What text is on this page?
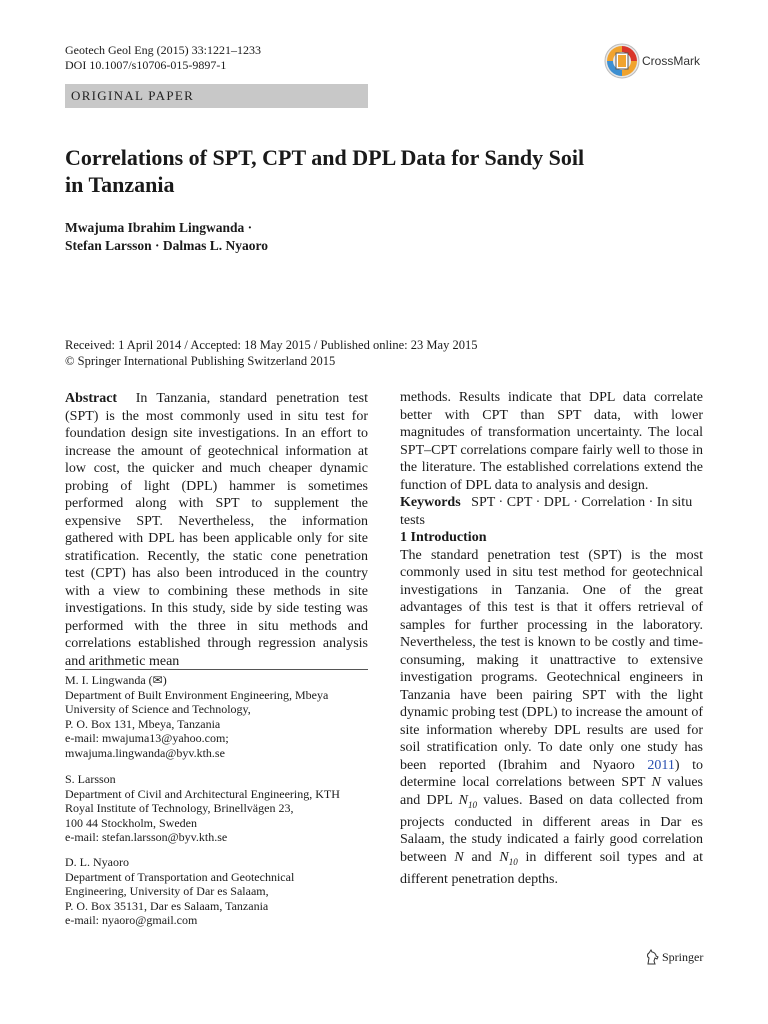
Geotech Geol Eng (2015) 33:1221–1233
DOI 10.1007/s10706-015-9897-1	CrossMark
ORIGINAL PAPER
Correlations of SPT, CPT and DPL Data for Sandy Soil
in Tanzania
Mwajuma Ibrahim Lingwanda ·
Stefan Larsson · Dalmas L. Nyaoro
Received: 1 April 2014 / Accepted: 18 May 2015 / Published online: 23 May 2015
© Springer International Publishing Switzerland 2015

Abstract In Tanzania, standard penetration test (SPT) is the most commonly used in situ test for foundation design site investigations. In an effort to increase the amount of geotechnical information at low cost, the quicker and much cheaper dynamic probing of light (DPL) hammer is sometimes performed along with SPT to supplement the expensive SPT. Nevertheless, the information gathered with DPL has been applicable only for site stratification. Recently, the static cone penetration test (CPT) has also been introduced in the country with a view to combining these methods in site investigations. In this study, side by side testing was performed with the three in situ methods and correlations established through regression analysis and arithmetic mean

M. I. Lingwanda (✉)
Department of Built Environment Engineering, Mbeya
University of Science and Technology,
P. O. Box 131, Mbeya, Tanzania
e-mail: mwajuma13@yahoo.com;
mwajuma.lingwanda@byv.kth.se
S. Larsson
Department of Civil and Architectural Engineering, KTH
Royal Institute of Technology, Brinellvägen 23,
100 44 Stockholm, Sweden
e-mail: stefan.larsson@byv.kth.se
D. L. Nyaoro
Department of Transportation and Geotechnical
Engineering, University of Dar es Salaam,
P. O. Box 35131, Dar es Salaam, Tanzania
e-mail: nyaoro@gmail.com

methods. Results indicate that DPL data correlate better with CPT than SPT data, with lower magnitudes of transformation uncertainty. The local SPT–CPT correlations compare fairly well to those in the literature. The established correlations extend the function of DPL data to analysis and design.

Keywords SPT · CPT · DPL · Correlation · In situ tests

1 Introduction

The standard penetration test (SPT) is the most commonly used in situ test method for geotechnical investigations in Tanzania. One of the great advantages of this test is that it offers retrieval of samples for further processing in the laboratory. Nevertheless, the test is known to be costly and time-consuming, making it unattractive to extensive investigation programs. Geotechnical engineers in Tanzania have been pairing SPT with the light dynamic probing test (DPL) to increase the amount of site information whereby DPL results are used for soil stratification only. To date only one study has been reported (Ibrahim and Nyaoro 2011) to determine local correlations between SPT N values and DPL $N_{10}$ values. Based on data collected from projects conducted in different areas in Dar es Salaam, the study indicated a fairly good correlation between N and $N_{10}$ in different soil types and at different penetration depths.

Springer
